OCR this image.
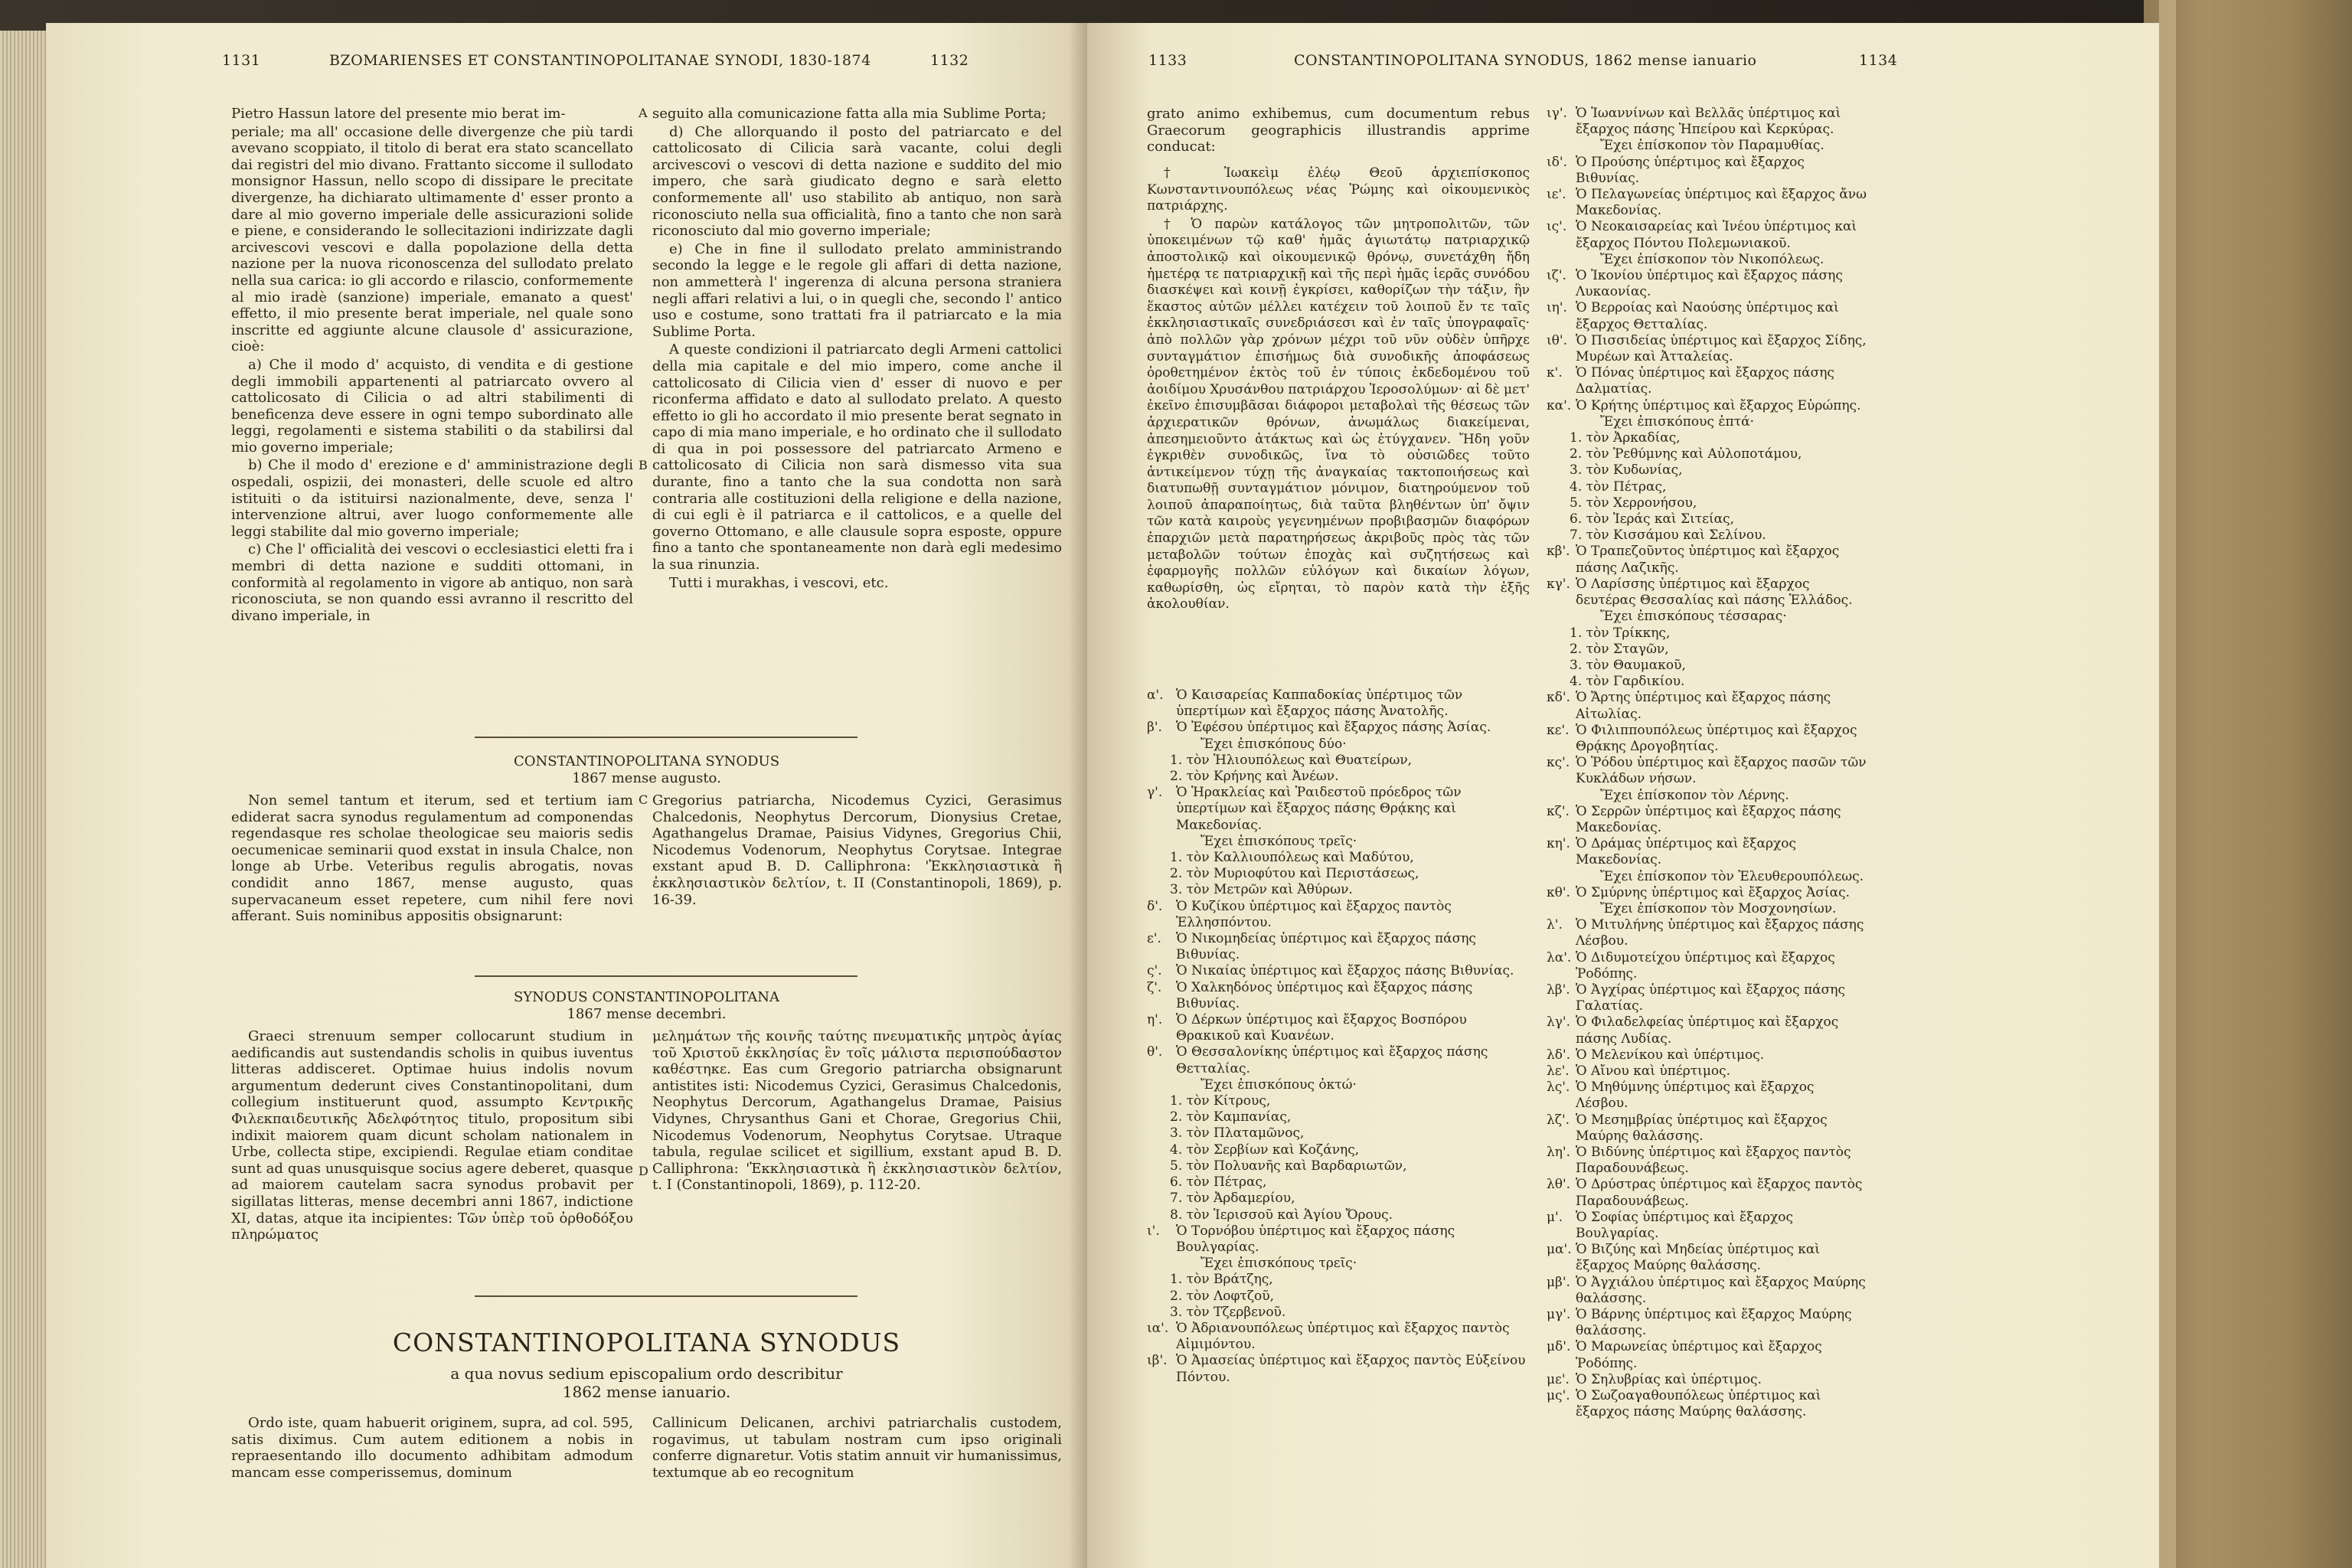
1131	BZOMARIENSES ET CONSTANTINOPOLITANAE SYNODI, 1830-1874	1132

Pietro Hassun latore del presente mio berat im-

periale; ma all' occasione delle divergenze che più tardi avevano scoppiato, il titolo di berat era stato scancellato dai registri del mio divano. Frattanto siccome il sullodato monsignor Hassun, nello scopo di dissipare le precitate divergenze, ha dichiarato ultimamente d' esser pronto a dare al mio governo imperiale delle assicurazioni solide e piene, e considerando le sollecitazioni indirizzate dagli arcivescovi vescovi e dalla popolazione della detta nazione per la nuova riconoscenza del sullodato prelato nella sua carica: io gli accordo e rilascio, conformemente al mio iradè (sanzione) imperiale, emanato a quest' effetto, il mio presente berat imperiale, nel quale sono inscritte ed aggiunte alcune clausole d' assicurazione, cioè:

a) Che il modo d' acquisto, di vendita e di gestione degli immobili appartenenti al patriarcato ovvero al cattolicosato di Cilicia o ad altri stabilimenti di beneficenza deve essere in ogni tempo subordinato alle leggi, regolamenti e sistema stabiliti o da stabilirsi dal mio governo imperiale;

b) Che il modo d' erezione e d' amministrazione degli ospedali, ospizii, dei monasteri, delle scuole ed altro istituiti o da istituirsi nazionalmente, deve, senza l' intervenzione altrui, aver luogo conformemente alle leggi stabilite dal mio governo imperiale;

c) Che l' officialità dei vescovi o ecclesiastici eletti fra i membri di detta nazione e sudditi ottomani, in conformità al regolamento in vigore ab antiquo, non sarà riconosciuta, se non quando essi avranno il rescritto del divano imperiale, in

A
B

seguito alla comunicazione fatta alla mia Sublime Porta;

d) Che allorquando il posto del patriarcato e del cattolicosato di Cilicia sarà vacante, colui degli arcivescovi o vescovi di detta nazione e suddito del mio impero, che sarà giudicato degno e sarà eletto conformemente all' uso stabilito ab antiquo, non sarà riconosciuto nella sua officialità, fino a tanto che non sarà riconosciuto dal mio governo imperiale;

e) Che in fine il sullodato prelato amministrando secondo la legge e le regole gli affari di detta nazione, non ammetterà l' ingerenza di alcuna persona straniera negli affari relativi a lui, o in quegli che, secondo l' antico uso e costume, sono trattati fra il patriarcato e la mia Sublime Porta.

A queste condizioni il patriarcato degli Armeni cattolici della mia capitale e del mio impero, come anche il cattolicosato di Cilicia vien d' esser di nuovo e per riconferma affidato e dato al sullodato prelato. A questo effetto io gli ho accordato il mio presente berat segnato in capo di mia mano imperiale, e ho ordinato che il sullodato di qua in poi possessore del patriarcato Armeno e cattolicosato di Cilicia non sarà dismesso vita sua durante, fino a tanto che la sua condotta non sarà contraria alle costituzioni della religione e della nazione, di cui egli è il patriarca e il cattolicos, e a quelle del governo Ottomano, e alle clausule sopra esposte, oppure fino a tanto che spontaneamente non darà egli medesimo la sua rinunzia.

Tutti i murakhas, i vescovi, etc.

CONSTANTINOPOLITANA SYNODUS
1867 mense augusto.

Non semel tantum et iterum, sed et tertium iam ediderat sacra synodus regulamentum ad componendas regendasque res scholae theologicae seu maioris sedis oecumenicae seminarii quod exstat in insula Chalce, non longe ab Urbe. Veteribus regulis abrogatis, novas condidit anno 1867, mense augusto, quas supervacaneum esset repetere, cum nihil fere novi afferant. Suis nominibus appositis obsignarunt:

C Gregorius patriarcha, Nicodemus Cyzici, Gerasimus Chalcedonis, Neophytus Dercorum, Dionysius Cretae, Agathangelus Dramae, Paisius Vidynes, Gregorius Chii, Nicodemus Vodenorum, Neophytus Corytsae. Integrae exstant apud B. D. Calliphrona: 'Ἐκκλησιαστικὰ ἢ ἐκκλησιαστικὸν δελτίον, t. II (Constantinopoli, 1869), p. 16-39.

SYNODUS CONSTANTINOPOLITANA
1867 mense decembri.

Graeci strenuum semper collocarunt studium in aedificandis aut sustendandis scholis in quibus iuventus litteras addisceret. Optimae huius indolis novum argumentum dederunt cives Constantinopolitani, dum collegium instituerunt quod, assumpto Κεντρικῆς Φιλεκπαιδευτικῆς Ἀδελφότητος titulo, propositum sibi indixit maiorem quam dicunt scholam nationalem in Urbe, collecta stipe, excipiendi. Regulae etiam conditae sunt ad quas unusquisque socius agere deberet, quasque ad maiorem cautelam sacra synodus probavit per sigillatas litteras, mense decembri anni 1867, indictione XI, datas, atque ita incipientes: Τῶν ὑπὲρ τοῦ ὀρθοδόξου πληρώματος

D

μελημάτων τῆς κοινῆς ταύτης πνευματικῆς μητρὸς ἁγίας τοῦ Χριστοῦ ἐκκλησίας ἓν τοῖς μάλιστα περισπούδαστον καθέστηκε. Eas cum Gregorio patriarcha obsignarunt antistites isti: Nicodemus Cyzici, Gerasimus Chalcedonis, Neophytus Dercorum, Agathangelus Dramae, Paisius Vidynes, Chrysanthus Gani et Chorae, Gregorius Chii, Nicodemus Vodenorum, Neophytus Corytsae. Utraque tabula, regulae scilicet et sigillium, exstant apud B. D. Calliphrona: 'Ἐκκλησιαστικὰ ἢ ἐκκλησιαστικὸν δελτίον, t. I (Constantinopoli, 1869), p. 112-20.

CONSTANTINOPOLITANA SYNODUS
a qua novus sedium episcopalium ordo describitur
1862 mense ianuario.

Ordo iste, quam habuerit originem, supra, ad col. 595, satis diximus. Cum autem editionem a nobis in repraesentando illo documento adhibitam admodum mancam esse comperissemus, dominum

Callinicum Delicanen, archivi patriarchalis custodem, rogavimus, ut tabulam nostram cum ipso originali conferre dignaretur. Votis statim annuit vir humanissimus, textumque ab eo recognitum

1133	CONSTANTINOPOLITANA SYNODUS, 1862 mense ianuario	1134

grato animo exhibemus, cum documentum rebus Graecorum geographicis illustrandis apprime conducat:

† Ἰωακεὶμ ἐλέῳ Θεοῦ ἀρχιεπίσκοπος Κωνσταντινουπόλεως νέας Ῥώμης καὶ οἰκουμενικὸς πατριάρχης.

† Ὁ παρὼν κατάλογος τῶν μητροπολιτῶν, τῶν ὑποκειμένων τῷ καθ' ἡμᾶς ἁγιωτάτῳ πατριαρχικῷ ἀποστολικῷ καὶ οἰκουμενικῷ θρόνῳ, συνετάχθη ἤδη ἡμετέρᾳ τε πατριαρχικῇ καὶ τῆς περὶ ἡμᾶς ἱερᾶς συνόδου διασκέψει καὶ κοινῇ ἐγκρίσει, καθορίζων τὴν τάξιν, ἣν ἕκαστος αὐτῶν μέλλει κατέχειν τοῦ λοιποῦ ἔν τε ταῖς ἐκκλησιαστικαῖς συνεδριάσεσι καὶ ἐν ταῖς ὑπογραφαῖς· ἀπὸ πολλῶν γὰρ χρόνων μέχρι τοῦ νῦν οὐδὲν ὑπῆρχε συνταγμάτιον ἐπισήμως διὰ συνοδικῆς ἀποφάσεως ὁροθετημένον ἐκτὸς τοῦ ἐν τύποις ἐκδεδομένου τοῦ ἀοιδίμου Χρυσάνθου πατριάρχου Ἱεροσολύμων· αἱ δὲ μετ' ἐκεῖνο ἐπισυμβᾶσαι διάφοροι μεταβολαὶ τῆς θέσεως τῶν ἀρχιερατικῶν θρόνων, ἀνωμάλως διακείμεναι, ἀπεσημειοῦντο ἀτάκτως καὶ ὡς ἐτύγχανεν. Ἤδη γοῦν ἐγκριθὲν συνοδικῶς, ἵνα τὸ οὐσιῶδες τοῦτο ἀντικείμενον τύχῃ τῆς ἀναγκαίας τακτοποιήσεως καὶ διατυπωθῇ συνταγμάτιον μόνιμον, διατηρούμενον τοῦ λοιποῦ ἀπαραποίητως, διὰ ταῦτα βληθέντων ὑπ' ὄψιν τῶν κατὰ καιροὺς γεγενημένων προβιβασμῶν διαφόρων ἐπαρχιῶν μετὰ παρατηρήσεως ἀκριβοῦς πρὸς τὰς τῶν μεταβολῶν τούτων ἐποχὰς καὶ συζητήσεως καὶ ἐφαρμογῆς πολλῶν εὐλόγων καὶ δικαίων λόγων, καθωρίσθη, ὡς εἴρηται, τὸ παρὸν κατὰ τὴν ἑξῆς ἀκολουθίαν.

α'. Ὁ Καισαρείας Καππαδοκίας ὑπέρτιμος τῶν ὑπερτίμων καὶ ἔξαρχος πάσης Ἀνατολῆς.
β'.	Ὁ Ἐφέσου ὑπέρτιμος καὶ ἔξαρχος πάσης Ἀσίας.
Ἔχει ἐπισκόπους δύο·
1. τὸν Ἡλιουπόλεως καὶ Θυατείρων,
2. τὸν Κρήνης καὶ Ἀνέων.
γ'.	Ὁ Ἡρακλείας καὶ Ῥαιδεστοῦ πρόεδρος τῶν ὑπερτίμων καὶ ἔξαρχος πάσης Θρᾴκης καὶ Μακεδονίας.
Ἔχει ἐπισκόπους τρεῖς·
1. τὸν Καλλιουπόλεως καὶ Μαδύτου,
2. τὸν Μυριοφύτου καὶ Περιστάσεως,
3. τὸν Μετρῶν καὶ Ἀθύρων.
δ'.	Ὁ Κυζίκου ὑπέρτιμος καὶ ἔξαρχος παντὸς Ἑλλησπόντου.
ε'.	Ὁ Νικομηδείας ὑπέρτιμος καὶ ἔξαρχος πάσης Βιθυνίας.
ς'.	Ὁ Νικαίας ὑπέρτιμος καὶ ἔξαρχος πάσης Βιθυνίας.
ζ'.	Ὁ Χαλκηδόνος ὑπέρτιμος καὶ ἔξαρχος πάσης Βιθυνίας.
η'.	Ὁ Δέρκων ὑπέρτιμος καὶ ἔξαρχος Βοσπόρου Θρακικοῦ καὶ Κυανέων.
θ'.	Ὁ Θεσσαλονίκης ὑπέρτιμος καὶ ἔξαρχος πάσης Θετταλίας.
Ἔχει ἐπισκόπους ὀκτώ·
1. τὸν Κίτρους,
2. τὸν Καμπανίας,
3. τὸν Πλαταμῶνος,
4. τὸν Σερβίων καὶ Κοζάνης,
5. τὸν Πολυανῆς καὶ Βαρδαριωτῶν,
6. τὸν Πέτρας,
7. τὸν Ἀρδαμερίου,
8. τὸν Ἱερισσοῦ καὶ Ἁγίου Ὄρους.
ι'.	Ὁ Τορνόβου ὑπέρτιμος καὶ ἔξαρχος πάσης Βουλγαρίας.
Ἔχει ἐπισκόπους τρεῖς·
1. τὸν Βράτζης,
2. τὸν Λοφτζοῦ,
3. τὸν Τζερβενοῦ.
ια'. Ὁ Ἀδριανουπόλεως ὑπέρτιμος καὶ ἔξαρχος παντὸς Αἱμιμόντου.
ιβ'. Ὁ Ἀμασείας ὑπέρτιμος καὶ ἔξαρχος παντὸς Εὐξείνου Πόντου.
ιγ'. Ὁ Ἰωαννίνων καὶ Βελλᾶς ὑπέρτιμος καὶ ἔξαρχος πάσης Ἠπείρου καὶ Κερκύρας.
Ἔχει ἐπίσκοπον τὸν Παραμυθίας.
ιδ'. Ὁ Προύσης ὑπέρτιμος καὶ ἔξαρχος Βιθυνίας.
ιε'. Ὁ Πελαγωνείας ὑπέρτιμος καὶ ἔξαρχος ἄνω Μακεδονίας.
ις'. Ὁ Νεοκαισαρείας καὶ Ἰνέου ὑπέρτιμος καὶ ἔξαρχος Πόντου Πολεμωνιακοῦ.
Ἔχει ἐπίσκοπον τὸν Νικοπόλεως.
ιζ'. Ὁ Ἰκονίου ὑπέρτιμος καὶ ἔξαρχος πάσης Λυκαονίας.
ιη'. Ὁ Βερροίας καὶ Ναούσης ὑπέρτιμος καὶ ἔξαρχος Θετταλίας.
ιθ'. Ὁ Πισσιδείας ὑπέρτιμος καὶ ἔξαρχος Σίδης, Μυρέων καὶ Ἀτταλείας.
κ'.	Ὁ Πόνας ὑπέρτιμος καὶ ἔξαρχος πάσης Δαλματίας.
κα'. Ὁ Κρήτης ὑπέρτιμος καὶ ἔξαρχος Εὐρώπης.
Ἔχει ἐπισκόπους ἑπτά·
1. τὸν Ἀρκαδίας,
2. τὸν Ῥεθύμνης καὶ Αὐλοποτάμου,
3. τὸν Κυδωνίας,
4. τὸν Πέτρας,
5. τὸν Χερρονήσου,
6. τὸν Ἱεράς καὶ Σιτείας,
7. τὸν Κισσάμου καὶ Σελίνου.
κβ'. Ὁ Τραπεζοῦντος ὑπέρτιμος καὶ ἔξαρχος πάσης Λαζικῆς.
κγ'. Ὁ Λαρίσσης ὑπέρτιμος καὶ ἔξαρχος δευτέρας Θεσσαλίας καὶ πάσης Ἑλλάδος.
Ἔχει ἐπισκόπους τέσσαρας·
1. τὸν Τρίκκης,
2. τὸν Σταγῶν,
3. τὸν Θαυμακοῦ,
4. τὸν Γαρδικίου.
κδ'. Ὁ Ἄρτης ὑπέρτιμος καὶ ἔξαρχος πάσης Αἰτωλίας.
κε'. Ὁ Φιλιππουπόλεως ὑπέρτιμος καὶ ἔξαρχος Θρᾴκης Δρογοβητίας.
κς'. Ὁ Ῥόδου ὑπέρτιμος καὶ ἔξαρχος πασῶν τῶν Κυκλάδων νήσων.
Ἔχει ἐπίσκοπον τὸν Λέρνης.
κζ'. Ὁ Σερρῶν ὑπέρτιμος καὶ ἔξαρχος πάσης Μακεδονίας.
κη'. Ὁ Δράμας ὑπέρτιμος καὶ ἔξαρχος Μακεδονίας.
Ἔχει ἐπίσκοπον τὸν Ἐλευθερουπόλεως.
κθ'. Ὁ Σμύρνης ὑπέρτιμος καὶ ἔξαρχος Ἀσίας.
Ἔχει ἐπίσκοπον τὸν Μοσχονησίων.
λ'.	Ὁ Μιτυλήνης ὑπέρτιμος καὶ ἔξαρχος πάσης Λέσβου.
λα'. Ὁ Διδυμοτείχου ὑπέρτιμος καὶ ἔξαρχος Ῥοδόπης.
λβ'. Ὁ Ἀγχίρας ὑπέρτιμος καὶ ἔξαρχος πάσης Γαλατίας.
λγ'. Ὁ Φιλαδελφείας ὑπέρτιμος καὶ ἔξαρχος πάσης Λυδίας.
λδ'. Ὁ Μελενίκου καὶ ὑπέρτιμος.
λε'. Ὁ Αἴνου καὶ ὑπέρτιμος.
λς'. Ὁ Μηθύμνης ὑπέρτιμος καὶ ἔξαρχος Λέσβου.
λζ'. Ὁ Μεσημβρίας ὑπέρτιμος καὶ ἔξαρχος Μαύρης θαλάσσης.
λη'. Ὁ Βιδύνης ὑπέρτιμος καὶ ἔξαρχος παντὸς Παραδουνάβεως.
λθ'. Ὁ Δρύστρας ὑπέρτιμος καὶ ἔξαρχος παντὸς Παραδουνάβεως.
μ'. Ὁ Σοφίας ὑπέρτιμος καὶ ἔξαρχος Βουλγαρίας.
μα'. Ὁ Βιζύης καὶ Μηδείας ὑπέρτιμος καὶ ἔξαρχος Μαύρης θαλάσσης.
μβ'. Ὁ Ἀγχιάλου ὑπέρτιμος καὶ ἔξαρχος Μαύρης θαλάσσης.
μγ'. Ὁ Βάρνης ὑπέρτιμος καὶ ἔξαρχος Μαύρης θαλάσσης.
μδ'. Ὁ Μαρωνείας ὑπέρτιμος καὶ ἔξαρχος Ῥοδόπης.
με'. Ὁ Σηλυβρίας καὶ ὑπέρτιμος.
μς'. Ὁ Σωζοαγαθουπόλεως ὑπέρτιμος καὶ ἔξαρχος πάσης Μαύρης θαλάσσης.
